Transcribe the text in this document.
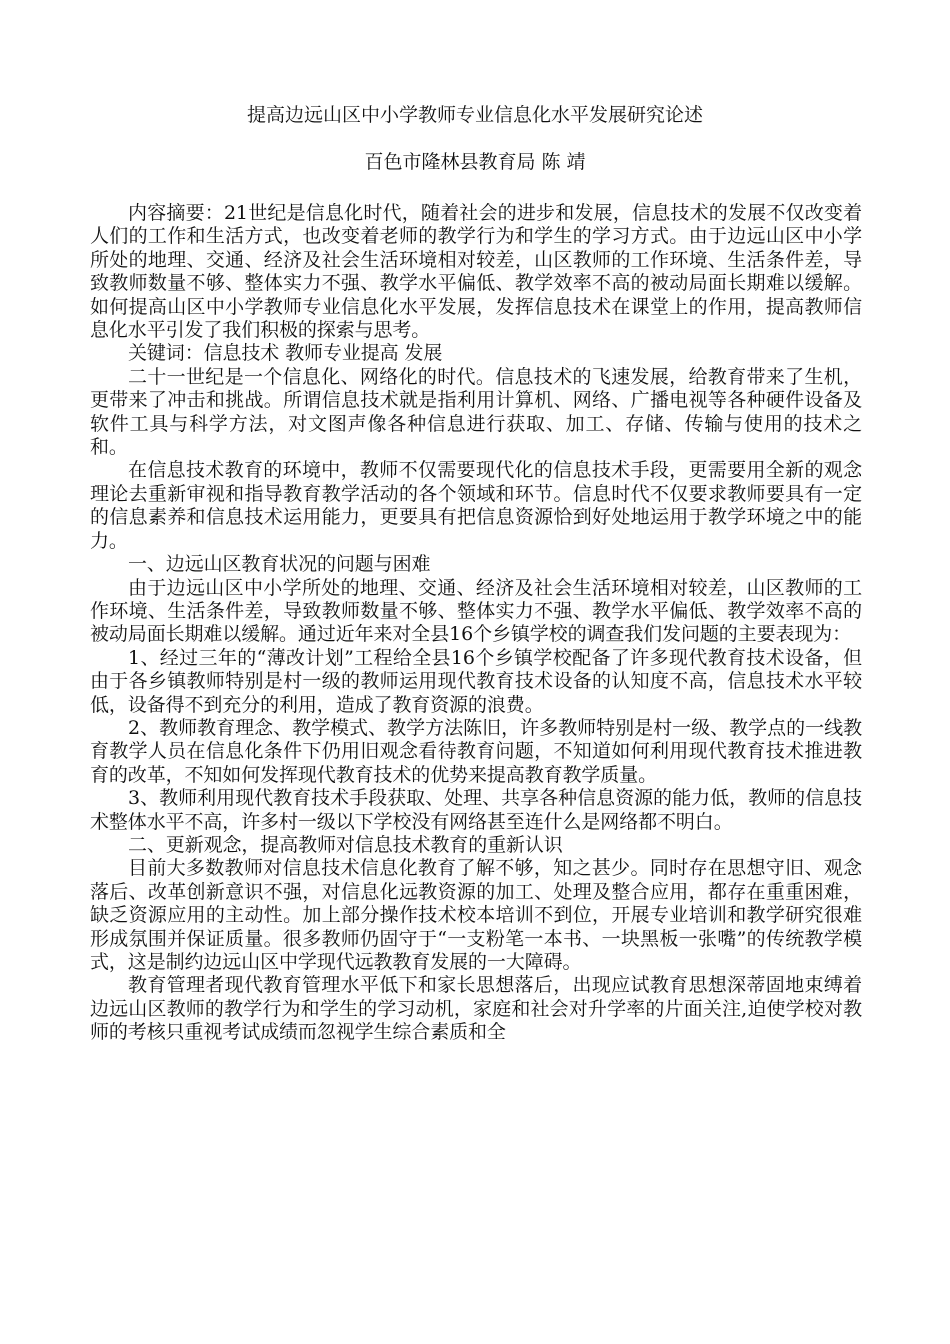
提高边远山区中小学教师专业信息化水平发展研究论述
百色市隆林县教育局 陈 靖

内容摘要：21世纪是信息化时代，随着社会的进步和发展，信息技术的发展不仅改变着人们的工作和生活方式，也改变着老师的教学行为和学生的学习方式。由于边远山区中小学所处的地理、交通、经济及社会生活环境相对较差，山区教师的工作环境、生活条件差，导致教师数量不够、整体实力不强、教学水平偏低、教学效率不高的被动局面长期难以缓解。如何提高山区中小学教师专业信息化水平发展，发挥信息技术在课堂上的作用，提高教师信息化水平引发了我们积极的探索与思考。

关键词：信息技术 教师专业提高 发展

二十一世纪是一个信息化、网络化的时代。信息技术的飞速发展，给教育带来了生机，更带来了冲击和挑战。所谓信息技术就是指利用计算机、网络、广播电视等各种硬件设备及软件工具与科学方法，对文图声像各种信息进行获取、加工、存储、传输与使用的技术之和。

在信息技术教育的环境中，教师不仅需要现代化的信息技术手段，更需要用全新的观念理论去重新审视和指导教育教学活动的各个领域和环节。信息时代不仅要求教师要具有一定的信息素养和信息技术运用能力，更要具有把信息资源恰到好处地运用于教学环境之中的能力。

一、边远山区教育状况的问题与困难

由于边远山区中小学所处的地理、交通、经济及社会生活环境相对较差，山区教师的工作环境、生活条件差，导致教师数量不够、整体实力不强、教学水平偏低、教学效率不高的被动局面长期难以缓解。通过近年来对全县16个乡镇学校的调查我们发问题的主要表现为：

1、经过三年的“薄改计划”工程给全县16个乡镇学校配备了许多现代教育技术设备，但由于各乡镇教师特别是村一级的教师运用现代教育技术设备的认知度不高，信息技术水平较低，设备得不到充分的利用，造成了教育资源的浪费。

2、教师教育理念、教学模式、教学方法陈旧，许多教师特别是村一级、教学点的一线教育教学人员在信息化条件下仍用旧观念看待教育问题，不知道如何利用现代教育技术推进教育的改革，不知如何发挥现代教育技术的优势来提高教育教学质量。

3、教师利用现代教育技术手段获取、处理、共享各种信息资源的能力低，教师的信息技术整体水平不高，许多村一级以下学校没有网络甚至连什么是网络都不明白。

二、更新观念，提高教师对信息技术教育的重新认识

目前大多数教师对信息技术信息化教育了解不够，知之甚少。同时存在思想守旧、观念落后、改革创新意识不强，对信息化远教资源的加工、处理及整合应用，都存在重重困难，缺乏资源应用的主动性。加上部分操作技术校本培训不到位，开展专业培训和教学研究很难形成氛围并保证质量。很多教师仍固守于“一支粉笔一本书、一块黑板一张嘴”的传统教学模式，这是制约边远山区中学现代远教教育发展的一大障碍。

教育管理者现代教育管理水平低下和家长思想落后，出现应试教育思想深蒂固地束缚着边远山区教师的教学行为和学生的学习动机，家庭和社会对升学率的片面关注,迫使学校对教师的考核只重视考试成绩而忽视学生综合素质和全
